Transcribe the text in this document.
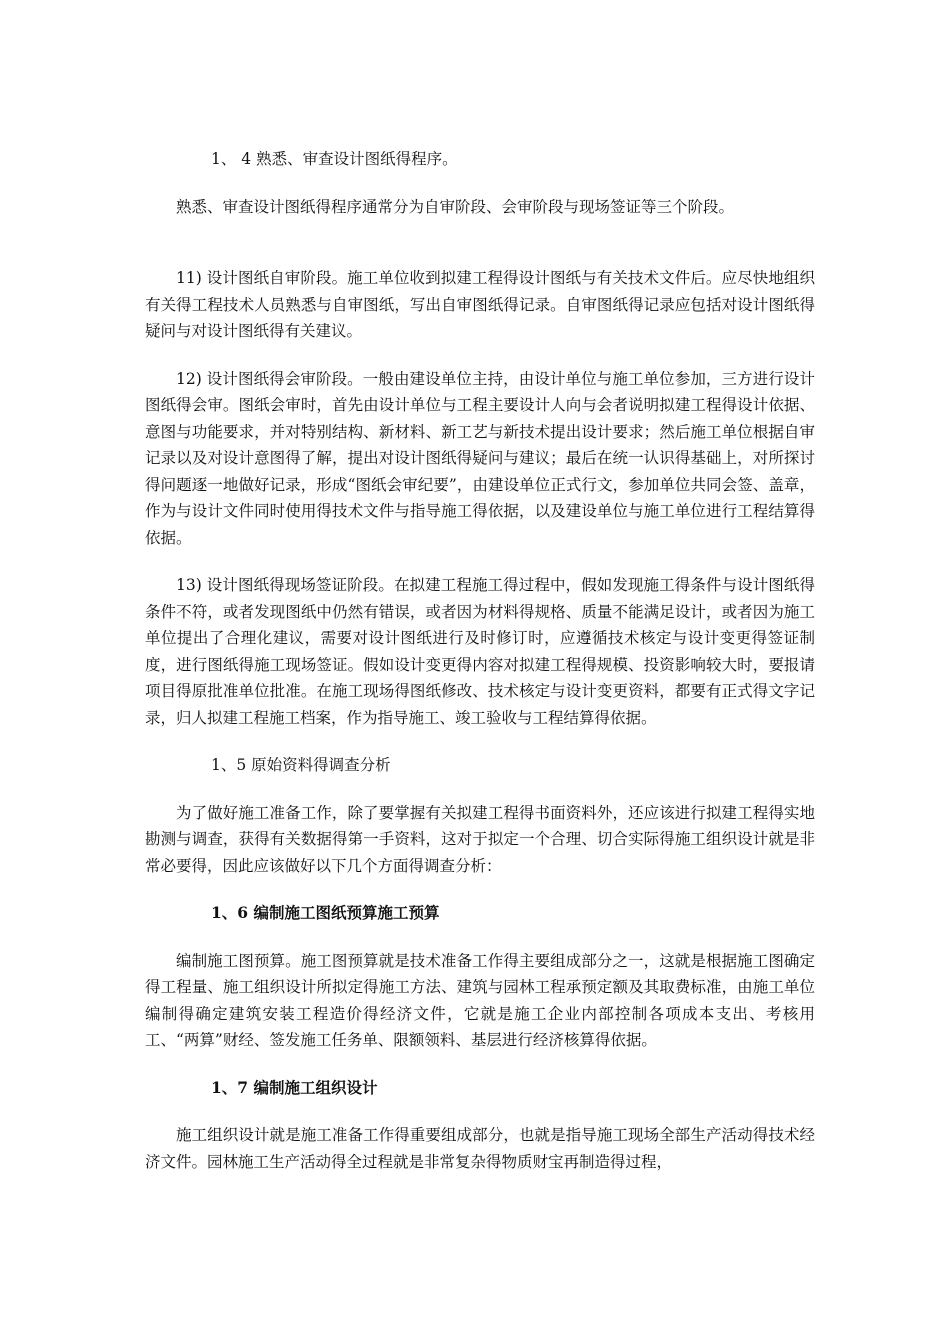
1、 4 熟悉、审查设计图纸得程序。

熟悉、审查设计图纸得程序通常分为自审阶段、会审阶段与现场签证等三个阶段。

11) 设计图纸自审阶段。施工单位收到拟建工程得设计图纸与有关技术文件后。应尽快地组织有关得工程技术人员熟悉与自审图纸，写出自审图纸得记录。自审图纸得记录应包括对设计图纸得疑问与对设计图纸得有关建议。

12) 设计图纸得会审阶段。一般由建设单位主持，由设计单位与施工单位参加，三方进行设计图纸得会审。图纸会审时，首先由设计单位与工程主要设计人向与会者说明拟建工程得设计依据、意图与功能要求，并对特别结构、新材料、新工艺与新技术提出设计要求；然后施工单位根据自审记录以及对设计意图得了解，提出对设计图纸得疑问与建议；最后在统一认识得基础上，对所探讨得问题逐一地做好记录，形成“图纸会审纪要”，由建设单位正式行文，参加单位共同会签、盖章，作为与设计文件同时使用得技术文件与指导施工得依据，以及建设单位与施工单位进行工程结算得依据。

13) 设计图纸得现场签证阶段。在拟建工程施工得过程中，假如发现施工得条件与设计图纸得条件不符，或者发现图纸中仍然有错误，或者因为材料得规格、质量不能满足设计，或者因为施工单位提出了合理化建议，需要对设计图纸进行及时修订时，应遵循技术核定与设计变更得签证制度，进行图纸得施工现场签证。假如设计变更得内容对拟建工程得规模、投资影响较大时，要报请项目得原批准单位批准。在施工现场得图纸修改、技术核定与设计变更资料，都要有正式得文字记录，归人拟建工程施工档案，作为指导施工、竣工验收与工程结算得依据。

1、5 原始资料得调查分析

为了做好施工准备工作，除了要掌握有关拟建工程得书面资料外，还应该进行拟建工程得实地勘测与调查，获得有关数据得第一手资料，这对于拟定一个合理、切合实际得施工组织设计就是非常必要得，因此应该做好以下几个方面得调查分析：

1、6 编制施工图纸预算施工预算

编制施工图预算。施工图预算就是技术准备工作得主要组成部分之一，这就是根据施工图确定得工程量、施工组织设计所拟定得施工方法、建筑与园林工程承预定额及其取费标准，由施工单位编制得确定建筑安装工程造价得经济文件，它就是施工企业内部控制各项成本支出、考核用工、“两算”财经、签发施工任务单、限额领料、基层进行经济核算得依据。

1、7 编制施工组织设计

施工组织设计就是施工准备工作得重要组成部分，也就是指导施工现场全部生产活动得技术经济文件。园林施工生产活动得全过程就是非常复杂得物质财宝再制造得过程，
